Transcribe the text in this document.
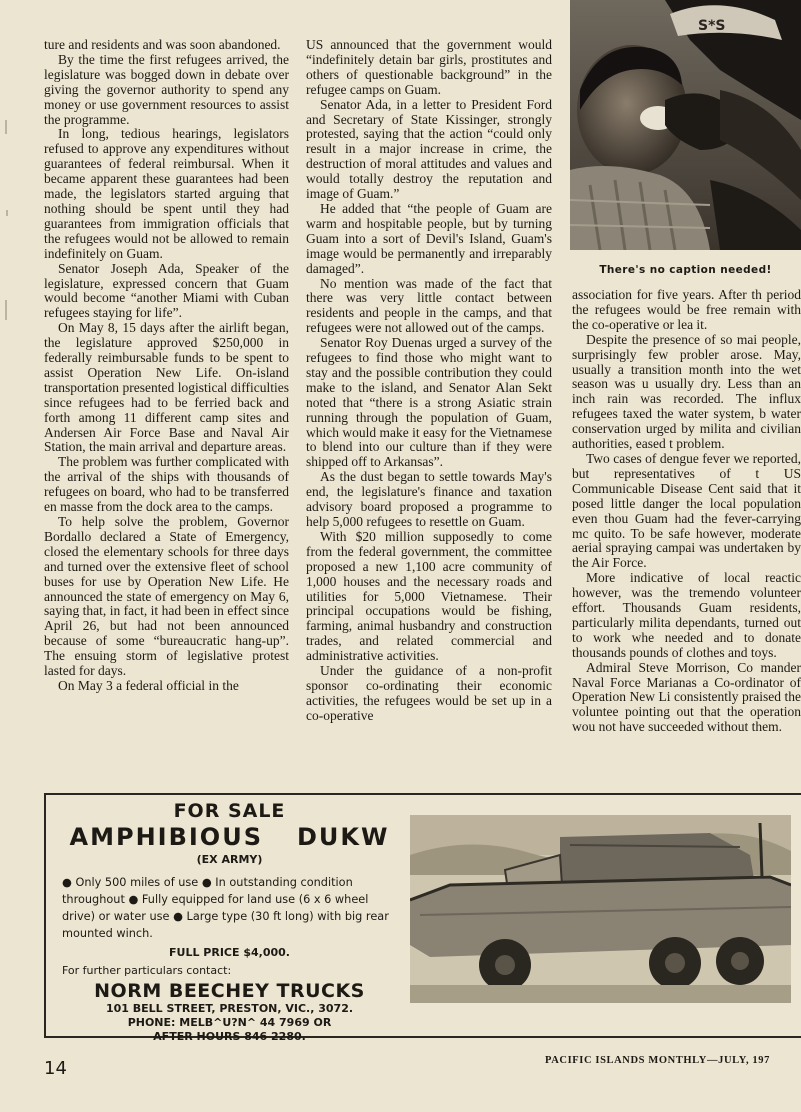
ture and residents and was soon abandoned.

By the time the first refugees arrived, the legislature was bogged down in debate over giving the governor authority to spend any money or use government resources to assist the programme.

In long, tedious hearings, legislators refused to approve any expenditures without guarantees of federal reimbursal. When it became apparent these guarantees had been made, the legislators started arguing that nothing should be spent until they had guarantees from immigration officials that the refugees would not be allowed to remain indefinitely on Guam.

Senator Joseph Ada, Speaker of the legislature, expressed concern that Guam would become “another Miami with Cuban refugees staying for life”.

On May 8, 15 days after the airlift began, the legislature approved $250,000 in federally reimbursable funds to be spent to assist Operation New Life. On-island transportation presented logistical difficulties since refugees had to be ferried back and forth among 11 different camp sites and Andersen Air Force Base and Naval Air Station, the main arrival and departure areas.

The problem was further complicated with the arrival of the ships with thousands of refugees on board, who had to be transferred en masse from the dock area to the camps.

To help solve the problem, Governor Bordallo declared a State of Emergency, closed the elementary schools for three days and turned over the extensive fleet of school buses for use by Operation New Life. He announced the state of emergency on May 6, saying that, in fact, it had been in effect since April 26, but had not been announced because of some “bureaucratic hang-up”. The ensuing storm of legislative protest lasted for days.

On May 3 a federal official in the

US announced that the government would “indefinitely detain bar girls, prostitutes and others of questionable background” in the refugee camps on Guam.

Senator Ada, in a letter to President Ford and Secretary of State Kissinger, strongly protested, saying that the action “could only result in a major increase in crime, the destruction of moral attitudes and values and would totally destroy the reputation and image of Guam.”

He added that “the people of Guam are warm and hospitable people, but by turning Guam into a sort of Devil's Island, Guam's image would be permanently and irreparably damaged”.

No mention was made of the fact that there was very little contact between residents and people in the camps, and that refugees were not allowed out of the camps.

Senator Roy Duenas urged a survey of the refugees to find those who might want to stay and the possible contribution they could make to the island, and Senator Alan Sekt noted that “there is a strong Asiatic strain running through the population of Guam, which would make it easy for the Vietnamese to blend into our culture than if they were shipped off to Arkansas”.

As the dust began to settle towards May's end, the legislature's finance and taxation advisory board proposed a programme to help 5,000 refugees to resettle on Guam.

With $20 million supposedly to come from the federal government, the committee proposed a new 1,100 acre community of 1,000 houses and the necessary roads and utilities for 5,000 Vietnamese. Their principal occupations would be fishing, farming, animal husbandry and construction trades, and related commercial and administrative activities.

Under the guidance of a non-profit sponsor co-ordinating their economic activities, the refugees would be set up in a co-operative

S*S
There's no caption needed!

association for five years. After th period the refugees would be free remain with the co-operative or lea it.

Despite the presence of so mai people, surprisingly few probler arose. May, usually a transition month into the wet season was u usually dry. Less than an inch rain was recorded. The influx refugees taxed the water system, b water conservation urged by milita and civilian authorities, eased t problem.

Two cases of dengue fever we reported, but representatives of t US Communicable Disease Cent said that it posed little danger the local population even thou Guam had the fever-carrying mc quito. To be safe however, moderate aerial spraying campai was undertaken by the Air Force.

More indicative of local reactic however, was the tremendo volunteer effort. Thousands Guam residents, particularly milita dependants, turned out to work whe needed and to donate thousands pounds of clothes and toys.

Admiral Steve Morrison, Co mander Naval Force Marianas a Co-ordinator of Operation New Li consistently praised the voluntee pointing out that the operation wou not have succeeded without them.

FOR SALE
AMPHIBIOUS DUKW
(EX ARMY)
● Only 500 miles of use ● In outstanding condition throughout ● Fully equipped for land use (6 x 6 wheel drive) or water use ● Large type (30 ft long) with big rear mounted winch.
FULL PRICE $4,000.
For further particulars contact:
NORM BEECHEY TRUCKS
101 BELL STREET, PRESTON, VIC., 3072.
PHONE: MELB^U?N^ 44 7969 OR
AFTER HOURS 846 2280.
14	PACIFIC ISLANDS MONTHLY—JULY, 197
